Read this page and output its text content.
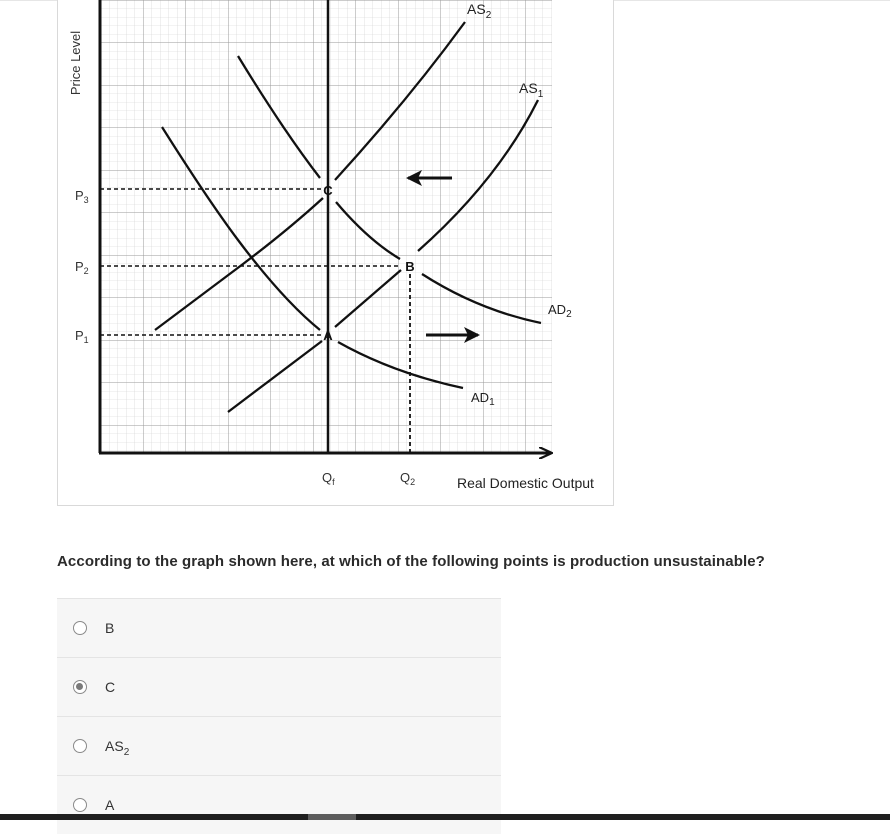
C
B
A
$AS_2$
$AS_1$
$AD_2$
$AD_1$
$P_3$
$P_2$
$P_1$
$Q_f$	$Q_2$	Real Domestic Output
Price Level
According to the graph shown here, at which of the following points is production unsustainable?
B
C
$AS_2$
A
